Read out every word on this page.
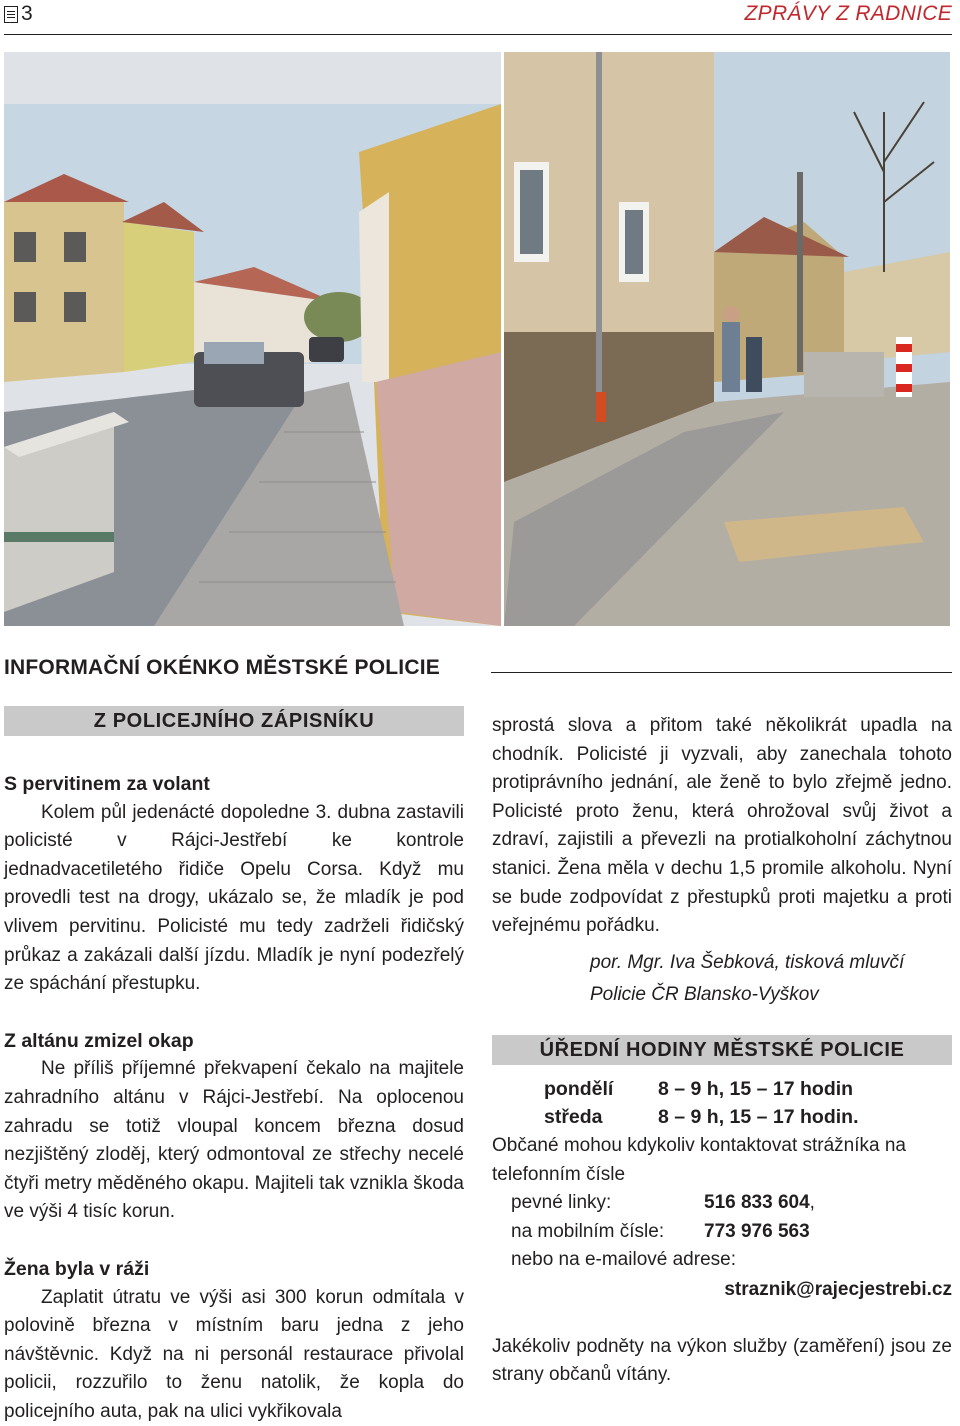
3	ZPRÁVY Z RADNICE
INFORMAČNÍ OKÉNKO MĚSTSKÉ POLICIE
Z POLICEJNÍHO ZÁPISNÍKU
S pervitinem za volant

Kolem půl jedenácté dopoledne 3. dubna zastavili policisté v Rájci-Jestřebí ke kontrole jednadvacetiletého řidiče Opelu Corsa. Když mu provedli test na drogy, ukázalo se, že mladík je pod vlivem pervitinu. Policisté mu tedy zadrželi řidičský průkaz a zakázali další jízdu. Mladík je nyní podezřelý ze spáchání přestupku.

Z altánu zmizel okap

Ne příliš příjemné překvapení čekalo na majitele zahradního altánu v Rájci-Jestřebí. Na oplocenou zahradu se totiž vloupal koncem března dosud nezjištěný zloděj, který odmontoval ze střechy necelé čtyři metry měděného okapu. Majiteli tak vznikla škoda ve výši 4 tisíc korun.

Žena byla v ráži

Zaplatit útratu ve výši asi 300 korun odmítala v polovině března v místním baru jedna z jeho návštěvnic. Když na ni personál restaurace přivolal policii, rozzuřilo to ženu natolik, že kopla do policejního auta, pak na ulici vykřikovala

sprostá slova a přitom také několikrát upadla na chodník. Policisté ji vyzvali, aby zanechala tohoto protiprávního jednání, ale ženě to bylo zřejmě jedno. Policisté proto ženu, která ohrožoval svůj život a zdraví, zajistili a převezli na protialkoholní záchytnou stanici. Žena měla v dechu 1,5 promile alkoholu. Nyní se bude zodpovídat z přestupků proti majetku a proti veřejnému pořádku.

por. Mgr. Iva Šebková, tisková mluvčí
Policie ČR Blansko-Vyškov
ÚŘEDNÍ HODINY MĚSTSKÉ POLICIE
pondělí	8 – 9 h, 15 – 17 hodin
středa	8 – 9 h, 15 – 17 hodin.

Občané mohou kdykoliv kontaktovat strážníka na telefonním čísle

pevné linky:	516 833 604,
na mobilním čísle:	773 976 563
nebo na e-mailové adrese:
straznik@rajecjestrebi.cz

Jakékoliv podněty na výkon služby (zaměření) jsou ze strany občanů vítány.
